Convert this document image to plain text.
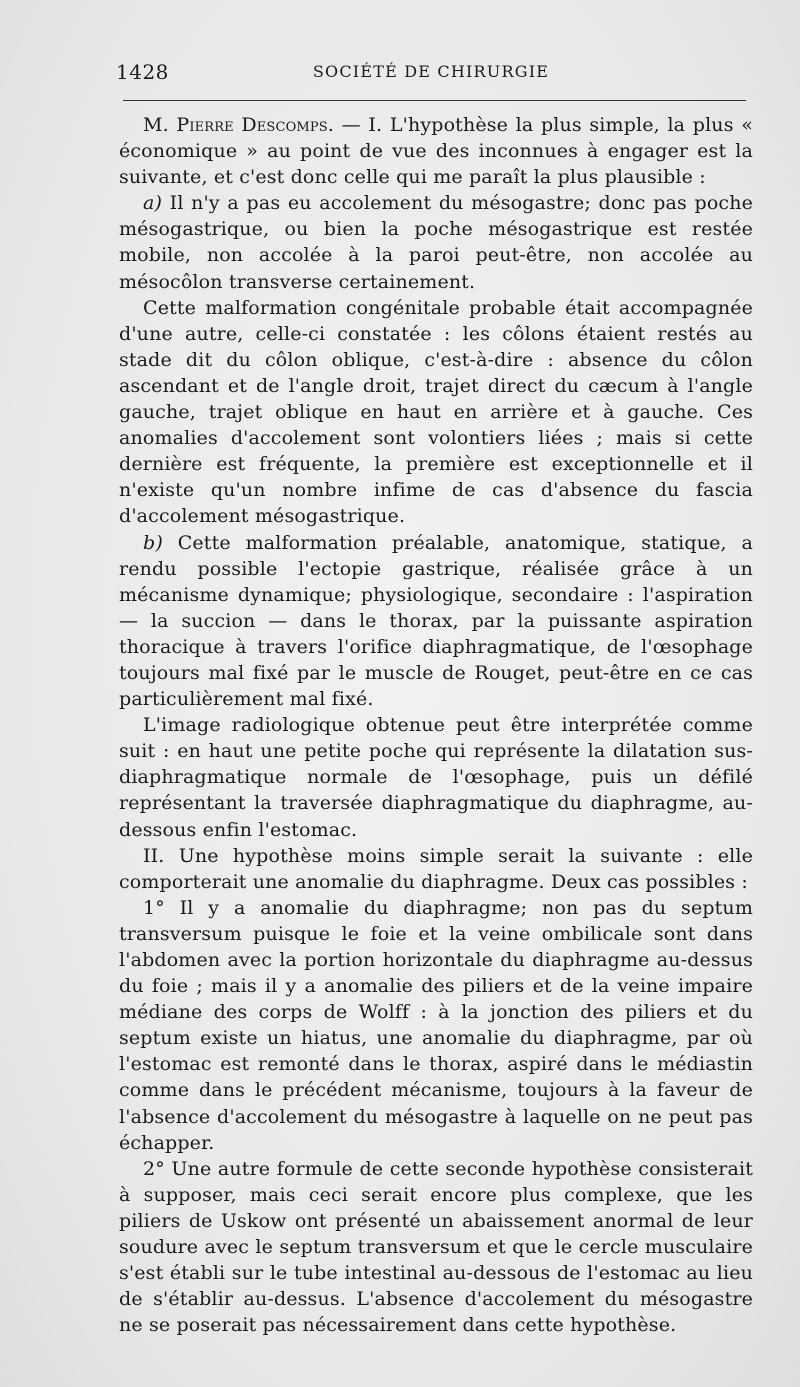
1428	SOCIÉTÉ DE CHIRURGIE

M. Pierre Descomps. — I. L'hypothèse la plus simple, la plus « économique » au point de vue des inconnues à engager est la suivante, et c'est donc celle qui me paraît la plus plausible :

a) Il n'y a pas eu accolement du mésogastre; donc pas poche mésogastrique, ou bien la poche mésogastrique est restée mobile, non accolée à la paroi peut-être, non accolée au mésocôlon transverse certainement.

Cette malformation congénitale probable était accompagnée d'une autre, celle-ci constatée : les côlons étaient restés au stade dit du côlon oblique, c'est-à-dire : absence du côlon ascendant et de l'angle droit, trajet direct du cæcum à l'angle gauche, trajet oblique en haut en arrière et à gauche. Ces anomalies d'accolement sont volontiers liées ; mais si cette dernière est fréquente, la première est exceptionnelle et il n'existe qu'un nombre infime de cas d'absence du fascia d'accolement mésogastrique.

b) Cette malformation préalable, anatomique, statique, a rendu possible l'ectopie gastrique, réalisée grâce à un mécanisme dynamique; physiologique, secondaire : l'aspiration — la succion — dans le thorax, par la puissante aspiration thoracique à travers l'orifice diaphragmatique, de l'œsophage toujours mal fixé par le muscle de Rouget, peut-être en ce cas particulièrement mal fixé.

L'image radiologique obtenue peut être interprétée comme suit : en haut une petite poche qui représente la dilatation sus-diaphragmatique normale de l'œsophage, puis un défilé représentant la traversée diaphragmatique du diaphragme, au-dessous enfin l'estomac.

II. Une hypothèse moins simple serait la suivante : elle comporterait une anomalie du diaphragme. Deux cas possibles :

1° Il y a anomalie du diaphragme; non pas du septum transversum puisque le foie et la veine ombilicale sont dans l'abdomen avec la portion horizontale du diaphragme au-dessus du foie ; mais il y a anomalie des piliers et de la veine impaire médiane des corps de Wolff : à la jonction des piliers et du septum existe un hiatus, une anomalie du diaphragme, par où l'estomac est remonté dans le thorax, aspiré dans le médiastin comme dans le précédent mécanisme, toujours à la faveur de l'absence d'accolement du mésogastre à laquelle on ne peut pas échapper.

2° Une autre formule de cette seconde hypothèse consisterait à supposer, mais ceci serait encore plus complexe, que les piliers de Uskow ont présenté un abaissement anormal de leur soudure avec le septum transversum et que le cercle musculaire s'est établi sur le tube intestinal au-dessous de l'estomac au lieu de s'établir au-dessus. L'absence d'accolement du mésogastre ne se poserait pas nécessairement dans cette hypothèse.
